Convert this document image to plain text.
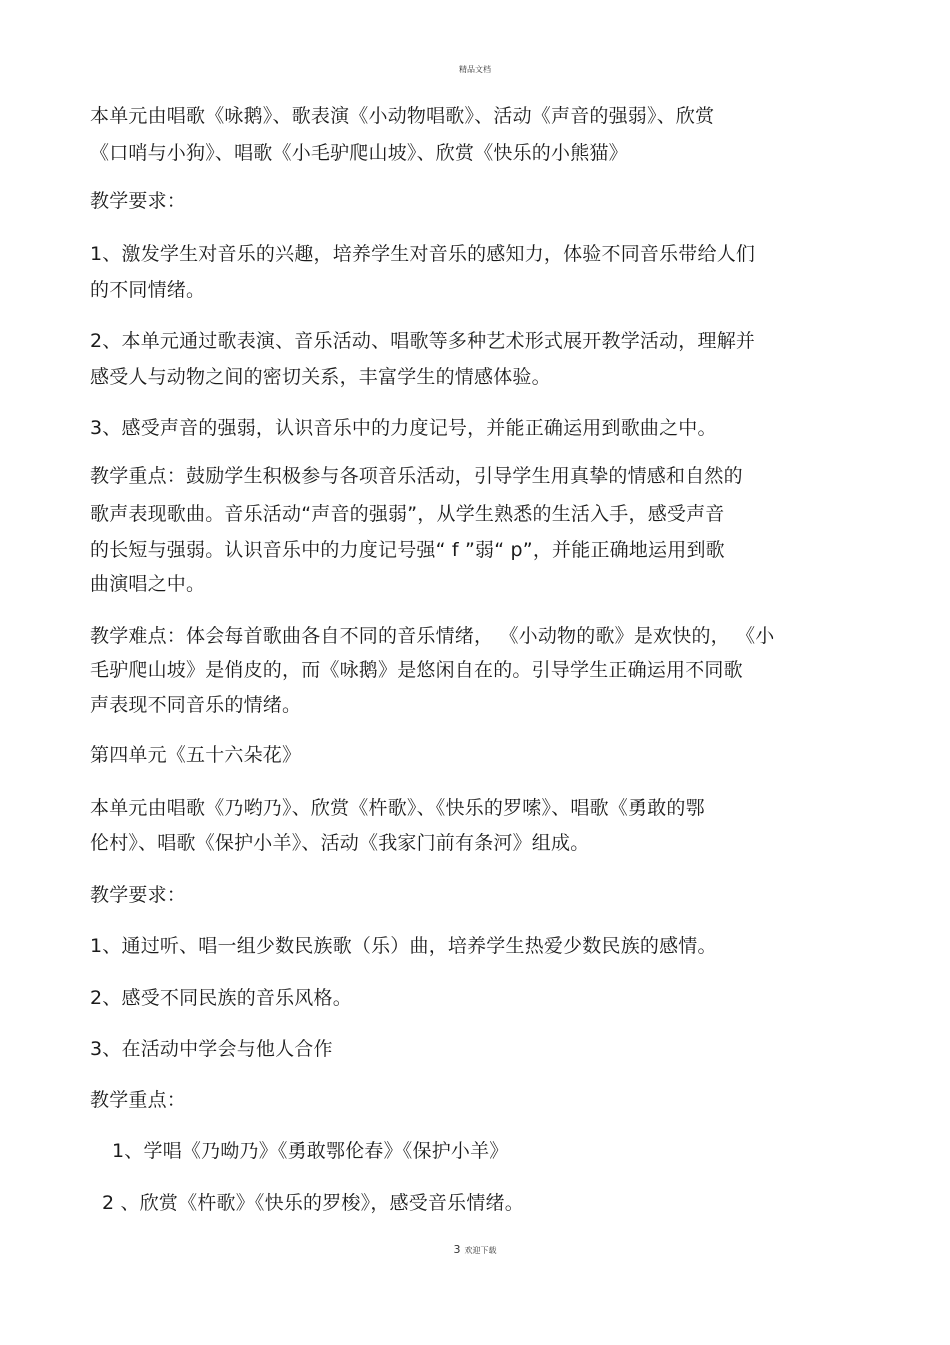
精品文档
本单元由唱歌《咏鹅》、歌表演《小动物唱歌》、活动《声音的强弱》、欣赏
《口哨与小狗》、唱歌《小毛驴爬山坡》、欣赏《快乐的小熊猫》
教学要求：
1、激发学生对音乐的兴趣，培养学生对音乐的感知力，体验不同音乐带给人们
的不同情绪。
2、本单元通过歌表演、音乐活动、唱歌等多种艺术形式展开教学活动，理解并
感受人与动物之间的密切关系，丰富学生的情感体验。
3、感受声音的强弱，认识音乐中的力度记号，并能正确运用到歌曲之中。
教学重点：鼓励学生积极参与各项音乐活动，引导学生用真挚的情感和自然的
歌声表现歌曲。音乐活动“声音的强弱”，从学生熟悉的生活入手，感受声音
的长短与强弱。认识音乐中的力度记号强“ f ”弱“ p”，并能正确地运用到歌
曲演唱之中。
教学难点：体会每首歌曲各自不同的音乐情绪， 《小动物的歌》是欢快的， 《小
毛驴爬山坡》是俏皮的，而《咏鹅》是悠闲自在的。引导学生正确运用不同歌
声表现不同音乐的情绪。
第四单元《五十六朵花》
本单元由唱歌《乃哟乃》、欣赏《杵歌》、《快乐的罗嗦》、唱歌《勇敢的鄂
伦村》、唱歌《保护小羊》、活动《我家门前有条河》组成。
教学要求：
1、通过听、唱一组少数民族歌（乐）曲，培养学生热爱少数民族的感情。
2、感受不同民族的音乐风格。
3、在活动中学会与他人合作
教学重点：
1、学唱《乃呦乃》《勇敢鄂伦春》《保护小羊》
2 、欣赏《杵歌》《快乐的罗梭》，感受音乐情绪。
3 欢迎下载
